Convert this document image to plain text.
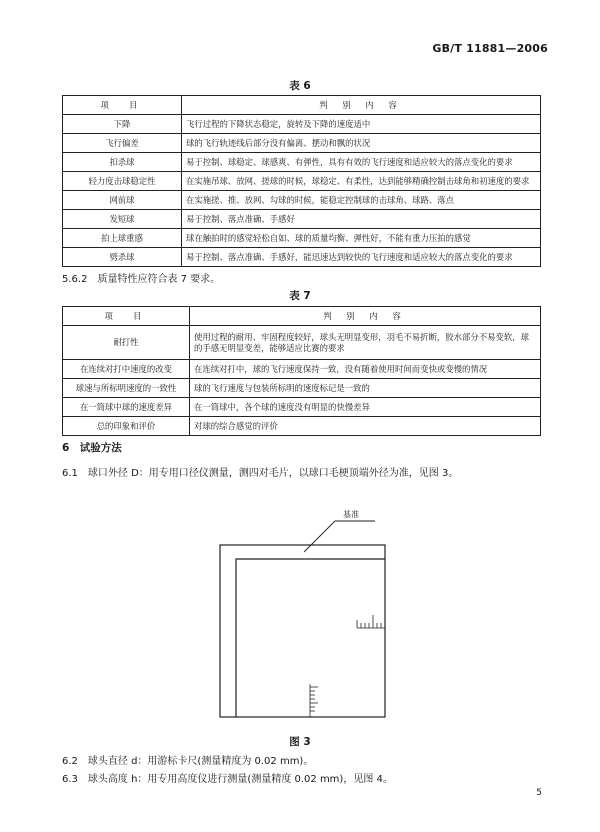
GB/T 11881—2006
表 6
项　目	判 别 内 容
下降	飞行过程的下降状态稳定，旋转及下降的速度适中
飞行偏差	球的飞行轨迹线后部分没有偏离、摆动和飘的状况
扣杀球	易于控制、球稳定、球感爽、有弹性，具有有效的飞行速度和适应较大的落点变化的要求
轻力度击球稳定性	在实施吊球、放网、搓球的时候，球稳定、有柔性，达到能够精确控制击球角和初速度的要求
网前球	在实施搓、推、放网、勾球的时候，能稳定控制球的击球角、球路、落点
发短球	易于控制、落点准确、手感好
拍上球重感	球在触拍时的感觉轻松自如、球的质量均衡、弹性好，不能有重力压拍的感觉
劈杀球	易于控制、落点准确、手感好，能迅速达到较快的飞行速度和适应较大的落点变化的要求
5.6.2　质量特性应符合表 7 要求。
表 7
项　目	判 别 内 容
耐打性	使用过程的耐用、牢固程度较好，球头无明显变形，羽毛不易折断，胶水部分不易变软，球的手感无明显变差，能够适应比赛的要求
在连续对打中速度的改变	在连续对打中，球的飞行速度保持一致，没有随着使用时间而变快或变慢的情况
球速与所标明速度的一致性	球的飞行速度与包装所标明的速度标记是一致的
在一筒球中球的速度差异	在一筒球中，各个球的速度没有明显的快慢差异
总的印象和评价	对球的综合感觉的评价
6　试验方法
6.1　球口外径 D：用专用口径仪测量，测四对毛片，以球口毛梗顶端外径为准，见图 3。
基准
图 3
6.2　球头直径 d：用游标卡尺(测量精度为 0.02 mm)。
6.3　球头高度 h：用专用高度仪进行测量(测量精度 0.02 mm)，见图 4。
5
